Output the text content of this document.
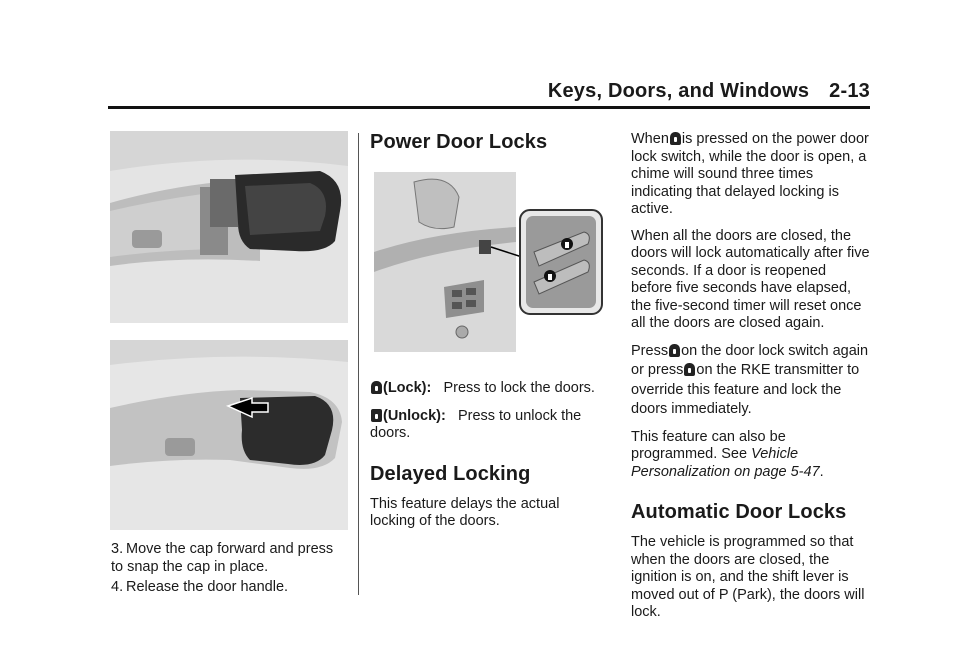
Keys, Doors, and Windows 2-13
3. Move the cap forward and press to snap the cap in place.
4. Release the door handle.
Power Door Locks

(Lock): Press to lock the doors.

(Unlock): Press to unlock the doors.

Delayed Locking

This feature delays the actual locking of the doors.

When is pressed on the power door lock switch, while the door is open, a chime will sound three times indicating that delayed locking is active.

When all the doors are closed, the doors will lock automatically after five seconds. If a door is reopened before five seconds have elapsed, the five-second timer will reset once all the doors are closed again.

Press on the door lock switch again or press on the RKE transmitter to override this feature and lock the doors immediately.

This feature can also be programmed. See Vehicle Personalization on page 5-47.

Automatic Door Locks

The vehicle is programmed so that when the doors are closed, the ignition is on, and the shift lever is moved out of P (Park), the doors will lock.
